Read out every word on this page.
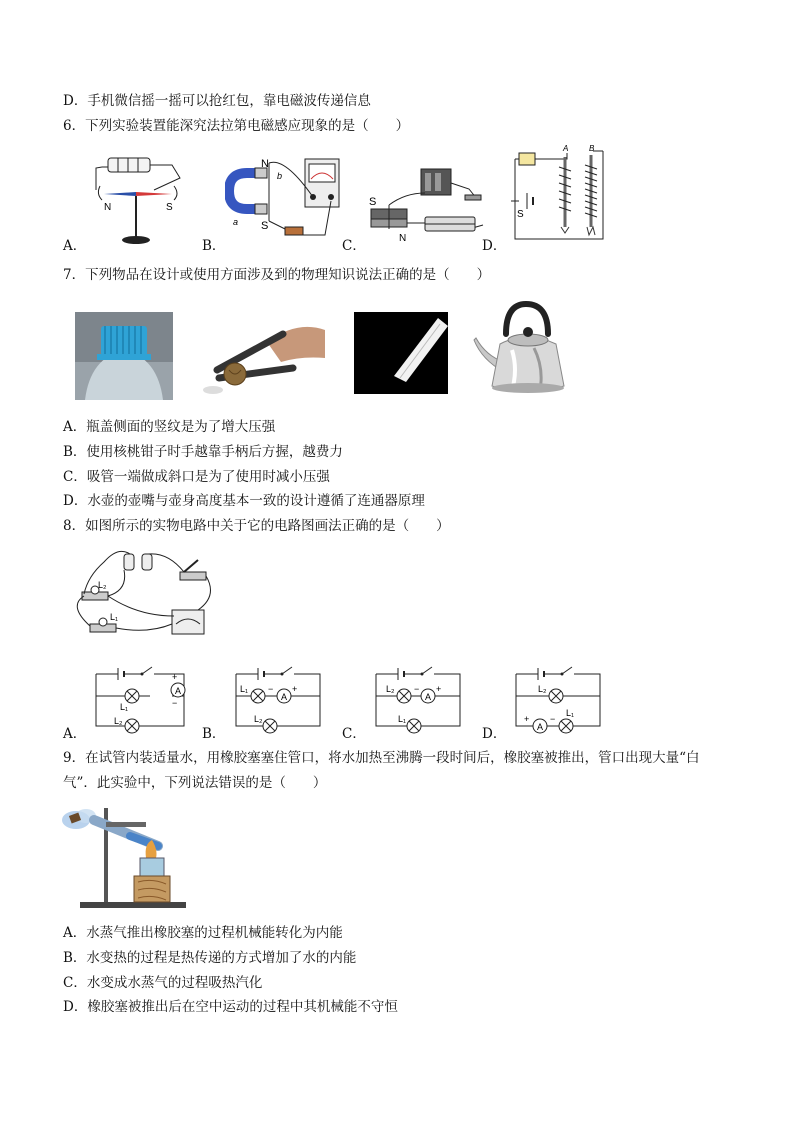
D．手机微信摇一摇可以抢红包，靠电磁波传递信息
6．下列实验装置能深究法拉第电磁感应现象的是（　　）
A．
N	S
B．
N
S
a
b
C．
S
N	D．
A	B
S
7．下列物品在设计或使用方面涉及到的物理知识说法正确的是（　　）
A．瓶盖侧面的竖纹是为了增大压强
B．使用核桃钳子时手越靠手柄后方握，越费力
C．吸管一端做成斜口是为了使用时减小压强
D．水壶的壶嘴与壶身高度基本一致的设计遵循了连通器原理
8．如图所示的实物电路中关于它的电路图画法正确的是（　　）
L₂
L₁
A．
A
+
−
L₁
L₂
B．
A
+
−
L₁
L₂
C．
A
+
−
L₂
L₁
D．	A
+ −
L₂
L₁
9．在试管内装适量水，用橡胶塞塞住管口，将水加热至沸腾一段时间后，橡胶塞被推出，管口出现大量“白
气”．此实验中，下列说法错误的是（　　）
A．水蒸气推出橡胶塞的过程机械能转化为内能
B．水变热的过程是热传递的方式增加了水的内能
C．水变成水蒸气的过程吸热汽化
D．橡胶塞被推出后在空中运动的过程中其机械能不守恒
